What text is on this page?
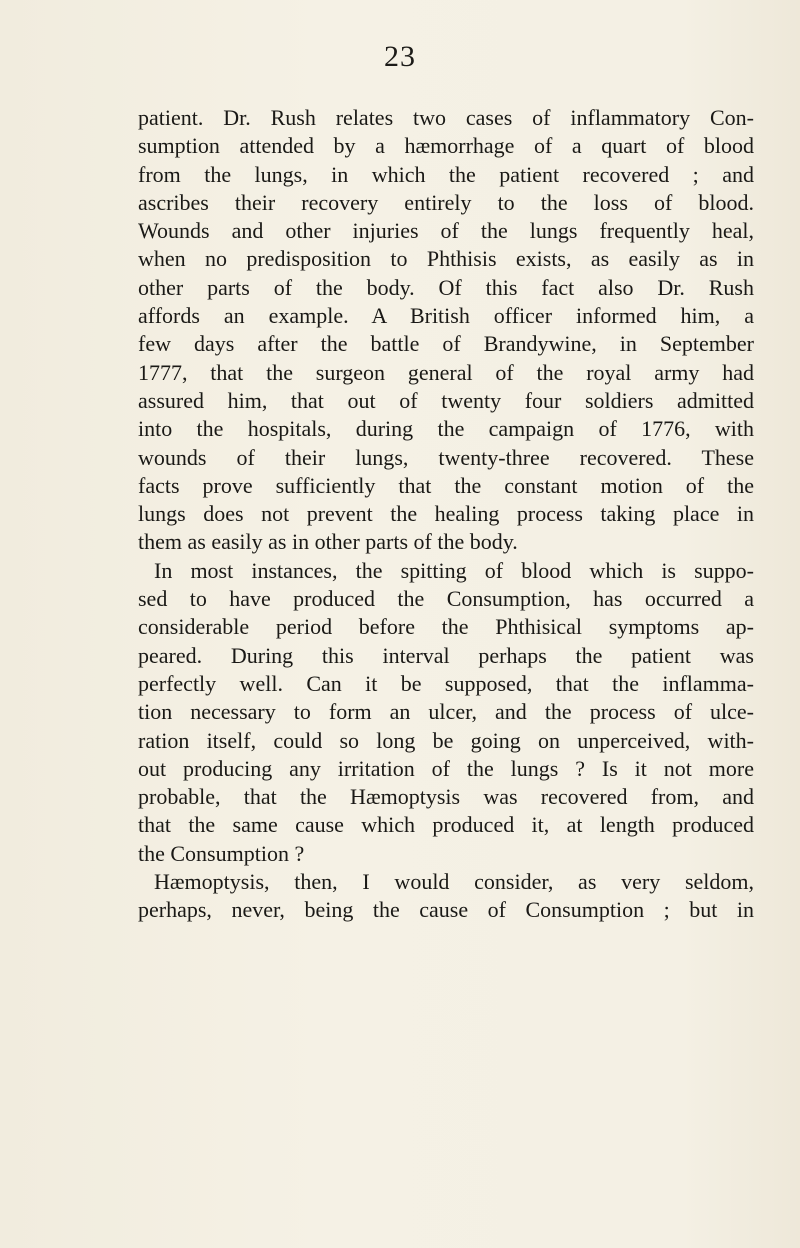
23
patient. Dr. Rush relates two cases of inflammatory Con-
sumption attended by a hæmorrhage of a quart of blood
from the lungs, in which the patient recovered ; and
ascribes their recovery entirely to the loss of blood.
Wounds and other injuries of the lungs frequently heal,
when no predisposition to Phthisis exists, as easily as in
other parts of the body. Of this fact also Dr. Rush
affords an example. A British officer informed him, a
few days after the battle of Brandywine, in September
1777, that the surgeon general of the royal army had
assured him, that out of twenty four soldiers admitted
into the hospitals, during the campaign of 1776, with
wounds of their lungs, twenty-three recovered. These
facts prove sufficiently that the constant motion of the
lungs does not prevent the healing process taking place in
them as easily as in other parts of the body.
In most instances, the spitting of blood which is suppo-
sed to have produced the Consumption, has occurred a
considerable period before the Phthisical symptoms ap-
peared. During this interval perhaps the patient was
perfectly well. Can it be supposed, that the inflamma-
tion necessary to form an ulcer, and the process of ulce-
ration itself, could so long be going on unperceived, with-
out producing any irritation of the lungs ? Is it not more
probable, that the Hæmoptysis was recovered from, and
that the same cause which produced it, at length produced
the Consumption ?
Hæmoptysis, then, I would consider, as very seldom,
perhaps, never, being the cause of Consumption ; but in
